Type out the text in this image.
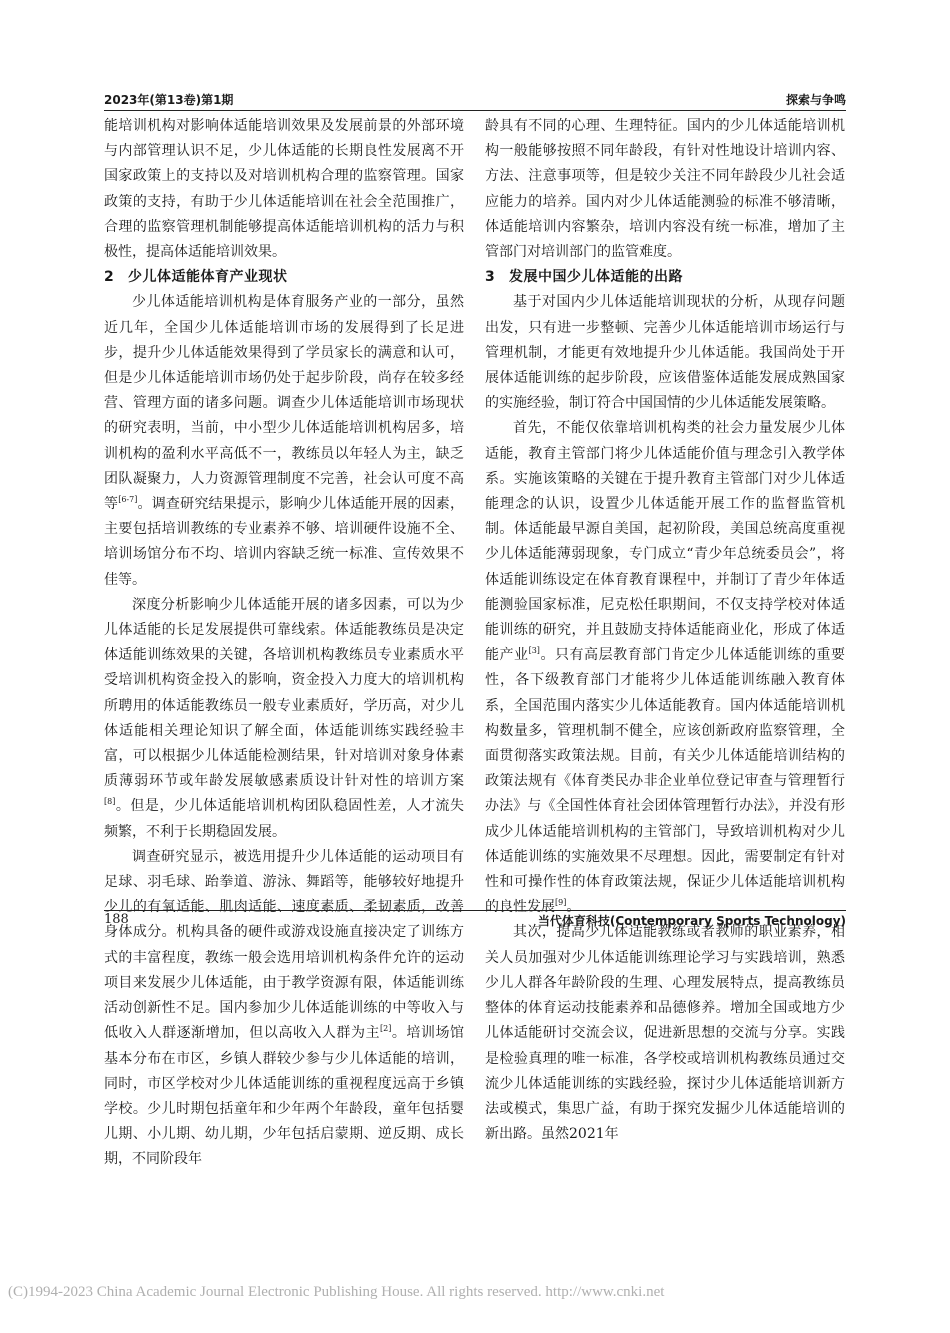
2023年(第13卷)第1期	探索与争鸣

能培训机构对影响体适能培训效果及发展前景的外部环境与内部管理认识不足，少儿体适能的长期良性发展离不开国家政策上的支持以及对培训机构合理的监察管理。国家政策的支持，有助于少儿体适能培训在社会全范围推广，合理的监察管理机制能够提高体适能培训机构的活力与积极性，提高体适能培训效果。

2 少儿体适能体育产业现状

少儿体适能培训机构是体育服务产业的一部分，虽然近几年，全国少儿体适能培训市场的发展得到了长足进步，提升少儿体适能效果得到了学员家长的满意和认可，但是少儿体适能培训市场仍处于起步阶段，尚存在较多经营、管理方面的诸多问题。调查少儿体适能培训市场现状的研究表明，当前，中小型少儿体适能培训机构居多，培训机构的盈利水平高低不一，教练员以年轻人为主，缺乏团队凝聚力，人力资源管理制度不完善，社会认可度不高等[6-7]。调查研究结果提示，影响少儿体适能开展的因素，主要包括培训教练的专业素养不够、培训硬件设施不全、培训场馆分布不均、培训内容缺乏统一标准、宣传效果不佳等。

深度分析影响少儿体适能开展的诸多因素，可以为少儿体适能的长足发展提供可靠线索。体适能教练员是决定体适能训练效果的关键，各培训机构教练员专业素质水平受培训机构资金投入的影响，资金投入力度大的培训机构所聘用的体适能教练员一般专业素质好，学历高，对少儿体适能相关理论知识了解全面，体适能训练实践经验丰富，可以根据少儿体适能检测结果，针对培训对象身体素质薄弱环节或年龄发展敏感素质设计针对性的培训方案[8]。但是，少儿体适能培训机构团队稳固性差，人才流失频繁，不利于长期稳固发展。

调查研究显示，被选用提升少儿体适能的运动项目有足球、羽毛球、跆拳道、游泳、舞蹈等，能够较好地提升少儿的有氧适能、肌肉适能、速度素质、柔韧素质，改善身体成分。机构具备的硬件或游戏设施直接决定了训练方式的丰富程度，教练一般会选用培训机构条件允许的运动项目来发展少儿体适能，由于教学资源有限，体适能训练活动创新性不足。国内参加少儿体适能训练的中等收入与低收入人群逐渐增加，但以高收入人群为主[2]。培训场馆基本分布在市区，乡镇人群较少参与少儿体适能的培训，同时，市区学校对少儿体适能训练的重视程度远高于乡镇学校。少儿时期包括童年和少年两个年龄段，童年包括婴儿期、小儿期、幼儿期，少年包括启蒙期、逆反期、成长期，不同阶段年

龄具有不同的心理、生理特征。国内的少儿体适能培训机构一般能够按照不同年龄段，有针对性地设计培训内容、方法、注意事项等，但是较少关注不同年龄段少儿社会适应能力的培养。国内对少儿体适能测验的标准不够清晰，体适能培训内容繁杂，培训内容没有统一标准，增加了主管部门对培训部门的监管难度。

3 发展中国少儿体适能的出路

基于对国内少儿体适能培训现状的分析，从现存问题出发，只有进一步整顿、完善少儿体适能培训市场运行与管理机制，才能更有效地提升少儿体适能。我国尚处于开展体适能训练的起步阶段，应该借鉴体适能发展成熟国家的实施经验，制订符合中国国情的少儿体适能发展策略。

首先，不能仅依靠培训机构类的社会力量发展少儿体适能，教育主管部门将少儿体适能价值与理念引入教学体系。实施该策略的关键在于提升教育主管部门对少儿体适能理念的认识，设置少儿体适能开展工作的监督监管机制。体适能最早源自美国，起初阶段，美国总统高度重视少儿体适能薄弱现象，专门成立“青少年总统委员会”，将体适能训练设定在体育教育课程中，并制订了青少年体适能测验国家标准，尼克松任职期间，不仅支持学校对体适能训练的研究，并且鼓励支持体适能商业化，形成了体适能产业[3]。只有高层教育部门肯定少儿体适能训练的重要性，各下级教育部门才能将少儿体适能训练融入教育体系，全国范围内落实少儿体适能教育。国内体适能培训机构数量多，管理机制不健全，应该创新政府监察管理，全面贯彻落实政策法规。目前，有关少儿体适能培训结构的政策法规有《体育类民办非企业单位登记审查与管理暂行办法》与《全国性体育社会团体管理暂行办法》，并没有形成少儿体适能培训机构的主管部门，导致培训机构对少儿体适能训练的实施效果不尽理想。因此，需要制定有针对性和可操作性的体育政策法规，保证少儿体适能培训机构的良性发展[9]。

其次，提高少儿体适能教练或者教师的职业素养，相关人员加强对少儿体适能训练理论学习与实践培训，熟悉少儿人群各年龄阶段的生理、心理发展特点，提高教练员整体的体育运动技能素养和品德修养。增加全国或地方少儿体适能研讨交流会议，促进新思想的交流与分享。实践是检验真理的唯一标准，各学校或培训机构教练员通过交流少儿体适能训练的实践经验，探讨少儿体适能培训新方法或模式，集思广益，有助于探究发掘少儿体适能培训的新出路。虽然2021年

188	当代体育科技(Contemporary Sports Technology)
(C)1994-2023 China Academic Journal Electronic Publishing House. All rights reserved. http://www.cnki.net
